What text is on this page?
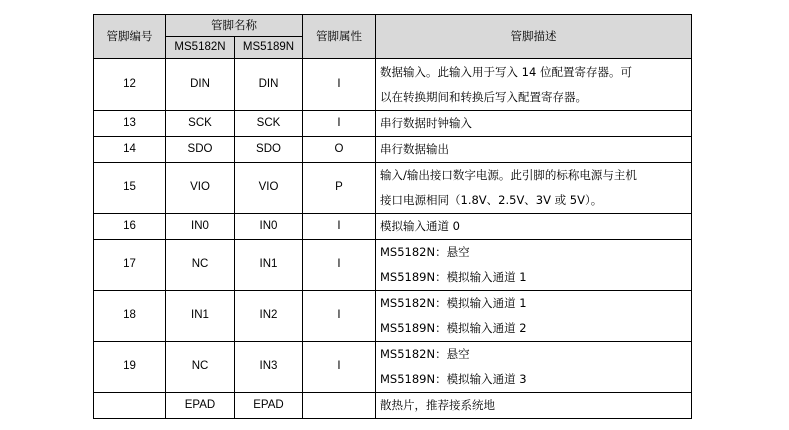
管脚编号	管脚名称		管脚属性	管脚描述
	MS5182N	MS5189N		
12	DIN	DIN	I	数据输入。此输入用于写入 14 位配置寄存器。可
以在转换期间和转换后写入配置寄存器。

13	SCK	SCK	I	串行数据时钟输入

14	SDO	SDO	O	串行数据输出

15	VIO	VIO	P	输入/输出接口数字电源。此引脚的标称电源与主机
接口电源相同（1.8V、2.5V、3V 或 5V）。

16	IN0	IN0	I	模拟输入通道 0

17	NC	IN1	I	MS5182N：悬空
MS5189N：模拟输入通道 1

18	IN1	IN2	I	MS5182N：模拟输入通道 1
MS5189N：模拟输入通道 2

19	NC	IN3	I	MS5182N：悬空
MS5189N：模拟输入通道 3

	EPAD	EPAD		散热片，推荐接系统地
